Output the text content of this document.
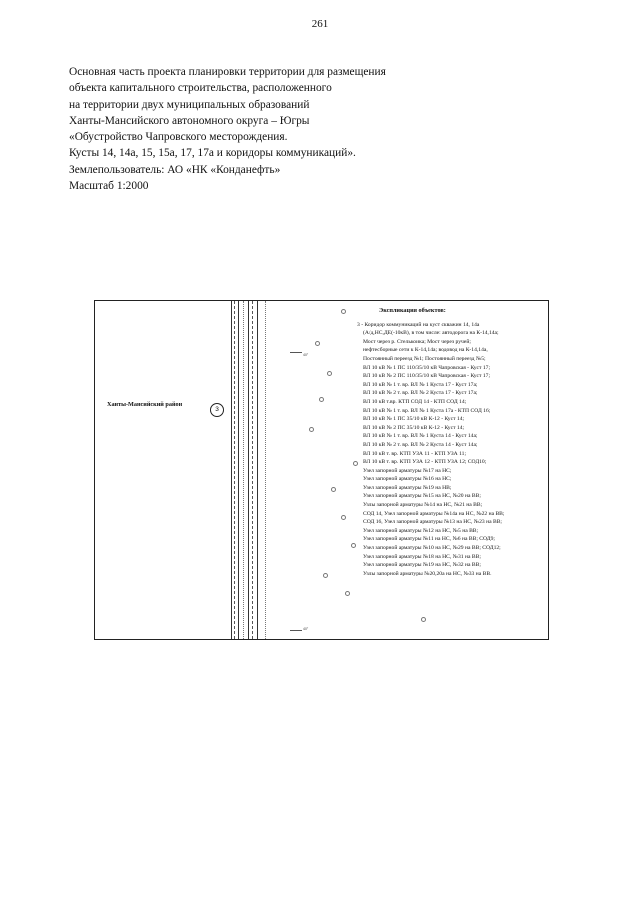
261
Основная часть проекта планировки территории для размещения
объекта капитального строительства, расположенного
на территории двух муниципальных образований
Ханты-Мансийского автономного округа – Югры
«Обустройство Чапровского месторождения.
Кусты 14, 14а, 15, 15а, 17, 17а и коридоры коммуникаций».
Землепользователь: АО «НК «Конданефть»
Масштаб 1:2000
Ханты-Мансийский район
3
40°
40°
Экспликация объектов:
3 - Коридор коммуникаций на куст скважин 14, 14а
(А/д,НС,ДЕ(-10кВ), в том числе: автодорога на К-14,14а;
Мост через р. Стелькоика; Мост через ручей;
нефтесборные сети к К-14,14а; водовод на К-14,14а,
Постоянный переезд №1; Постоянный переезд №5;
ВЛ 10 кВ № 1 ПС 110/35/10 кВ Чапровская - Куст 17;
ВЛ 10 кВ № 2 ПС 110/35/10 кВ Чапровская - Куст 17;
ВЛ 10 кВ № 1 т. вр. ВЛ № 1 Куста 17 - Куст 17а;
ВЛ 10 кВ № 2 т. вр. ВЛ № 2 Куста 17 - Куст 17а;
ВЛ 10 кВ т.вр. КТП СОД 14 - КТП СОД 14;
ВЛ 10 кВ № 1 т. вр. ВЛ № 1 Куста 17а - КТП СОД 16;
ВЛ 10 кВ № 1 ПС 35/10 кВ К-12 - Куст 14;
ВЛ 10 кВ № 2 ПС 35/10 кВ К-12 - Куст 14;
ВЛ 10 кВ № 1 т. вр. ВЛ № 1 Куста 14 - Куст 14а;
ВЛ 10 кВ № 2 т. вр. ВЛ № 2 Куста 14 - Куст 14а;
ВЛ 10 кВ т. вр. КТП УЗА 11 - КТП УЗА 11;
ВЛ 10 кВ т. вр. КТП УЗА 12 - КТП УЗА 12; СОД10;
Узел запорной арматуры №17 на НС;
Узел запорной арматуры №16 на НС;
Узел запорной арматуры №19 на НВ;
Узел запорной арматуры №15 на НС, №20 на ВВ;
Узлы запорной арматуры №14 на НС, №21 на ВВ;
СОД 14, Узел запорной арматуры №14а на НС, №22 на ВВ;
СОД 16, Узел запорной арматуры №13 на НС, №23 на ВВ;
Узел запорной арматуры №12 на НС, №5 на ВВ;
Узел запорной арматуры №11 на НС, №6 на ВВ; СОД9;
Узел запорной арматуры №10 на НС, №29 на ВВ; СОД12;
Узел запорной арматуры №18 на НС, №31 на ВВ;
Узел запорной арматуры №19 на НС, №32 на ВВ;
Узлы запорной арматуры №20,20а на НС, №33 на ВВ.
